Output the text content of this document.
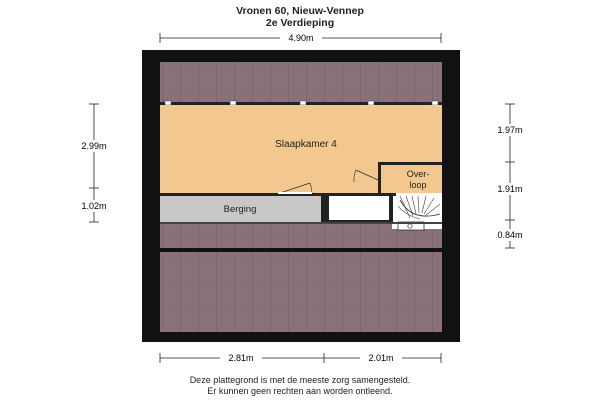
Vronen 60, Nieuw-Vennep
2e Verdieping
Slaapkamer 4
Over-
loop
Berging
4.90m
2.99m
1.02m
1.97m
1.91m
0.84m
2.81m	2.01m
Deze plattegrond is met de meeste zorg samengesteld.
Er kunnen geen rechten aan worden ontleend.
